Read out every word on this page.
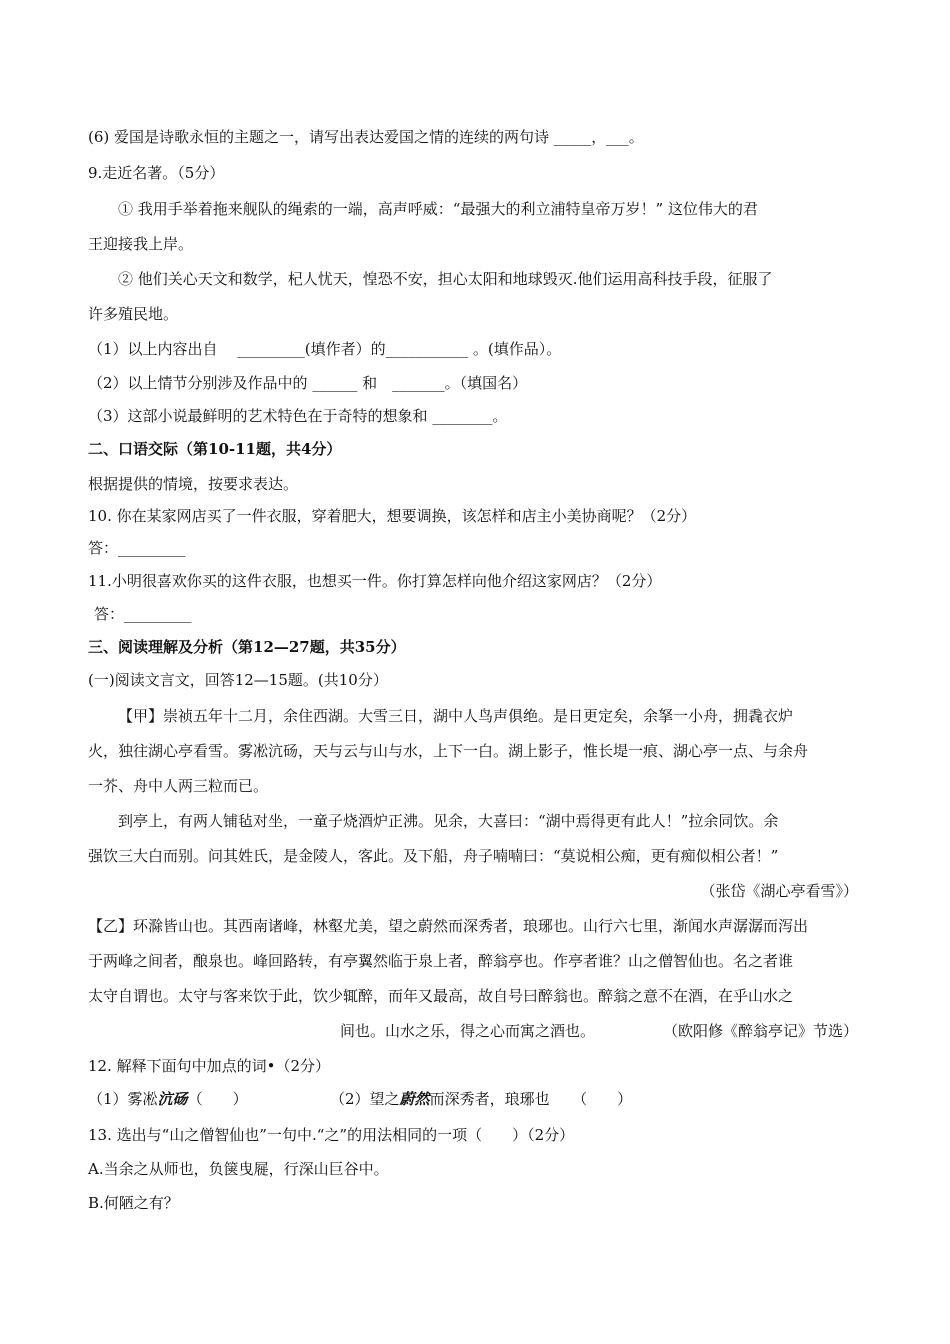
(6) 爱国是诗歌永恒的主题之一，请写出表达爱国之情的连续的两句诗 _____，___。
9.走近名著。（5分）
① 我用手举着拖来舰队的绳索的一端，高声呼威：“最强大的利立浦特皇帝万岁！” 这位伟大的君
王迎接我上岸。
② 他们关心天文和数学，杞人忧天，惶恐不安，担心太阳和地球毁灭.他们运用高科技手段，征服了
许多殖民地。
（1）以上内容出自　 _________(填作者）的___________ 。(填作品）。
（2）以上情节分别涉及作品中的 ______ 和　_______。（填国名）
（3）这部小说最鲜明的艺术特色在于奇特的想象和 ________。
二、口语交际（第10-11题，共4分）
根据提供的情境，按要求表达。
10. 你在某家网店买了一件衣服，穿着肥大，想要调换，该怎样和店主小美协商呢？（2分）
答：_________
11.小明很喜欢你买的这件衣服，也想买一件。你打算怎样向他介绍这家网店？（2分）
答：_________
三、阅读理解及分析（第12—27题，共35分）
(一)阅读文言文，回答12—15题。(共10分）
【甲】崇祯五年十二月，余住西湖。大雪三日，湖中人鸟声俱绝。是日更定矣，余拏一小舟，拥毳衣炉
火，独往湖心亭看雪。雾凇沆砀，天与云与山与水，上下一白。湖上影子，惟长堤一痕、湖心亭一点、与余舟
一芥、舟中人两三粒而已。
到亭上，有两人铺毡对坐，一童子烧酒炉正沸。见余，大喜曰：“湖中焉得更有此人！”拉余同饮。余
强饮三大白而别。问其姓氏，是金陵人，客此。及下船，舟子喃喃曰：“莫说相公痴，更有痴似相公者！”
（张岱《湖心亭看雪》）
【乙】环滁皆山也。其西南诸峰，林壑尤美，望之蔚然而深秀者，琅琊也。山行六七里，渐闻水声潺潺而泻出
于两峰之间者，酿泉也。峰回路转，有亭翼然临于泉上者，醉翁亭也。作亭者谁？山之僧智仙也。名之者谁
太守自谓也。太守与客来饮于此，饮少辄醉，而年又最高，故自号曰醉翁也。醉翁之意不在酒，在乎山水之
间也。山水之乐，得之心而寓之酒也。	（欧阳修《醉翁亭记》节选）
12. 解释下面句中加点的词•（2分）
（1）雾凇沆砀（　　）	（2）望之蔚然而深秀者，琅琊也　　（　　）
13. 选出与“山之僧智仙也”一句中.“之”的用法相同的一项（　　）（2分）
A.当余之从师也，负箧曳屣，行深山巨谷中。
B.何陋之有？
